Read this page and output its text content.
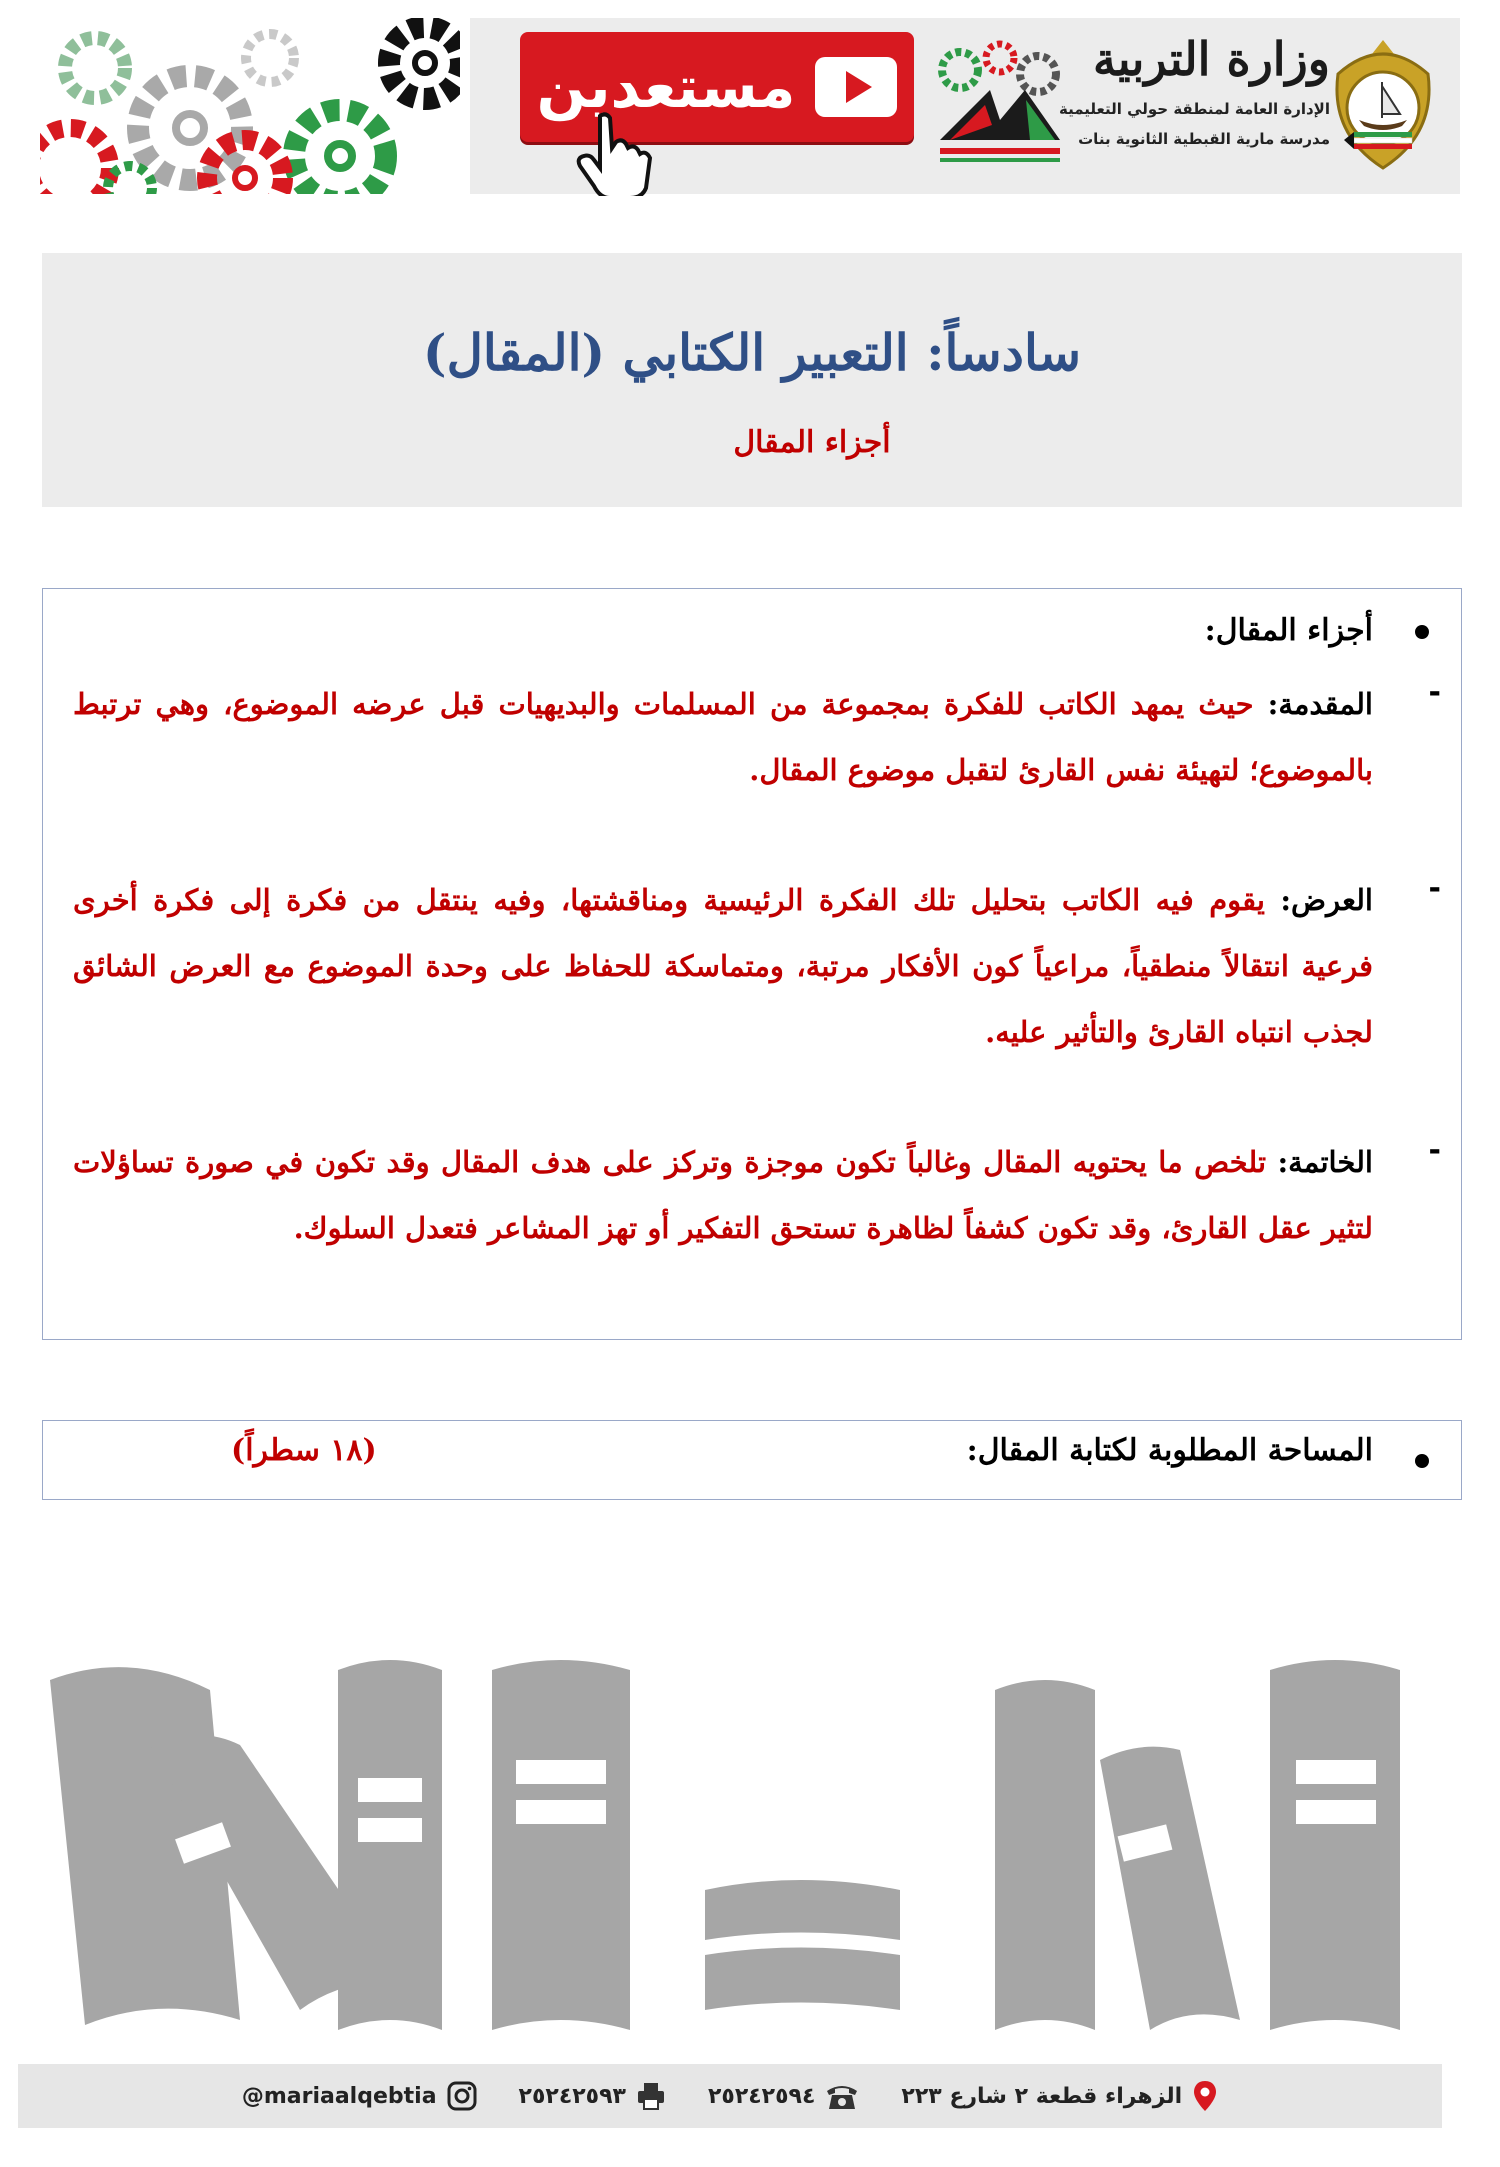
مستعدين	وزارة التربية
الإدارة العامة لمنطقة حولي التعليمية
مدرسة مارية القبطية الثانوية بنات
سادساً: التعبير الكتابي (المقال)
أجزاء المقال
أجزاء المقال:
-
المقدمة: حيث يمهد الكاتب للفكرة بمجموعة من المسلمات والبديهيات قبل عرضه الموضوع، وهي ترتبط بالموضوع؛ لتهيئة نفس القارئ لتقبل موضوع المقال.
-
العرض: يقوم فيه الكاتب بتحليل تلك الفكرة الرئيسية ومناقشتها، وفيه ينتقل من فكرة إلى فكرة أخرى فرعية انتقالاً منطقياً، مراعياً كون الأفكار مرتبة، ومتماسكة للحفاظ على وحدة الموضوع مع العرض الشائق لجذب انتباه القارئ والتأثير عليه.
-
الخاتمة: تلخص ما يحتويه المقال وغالباً تكون موجزة وتركز على هدف المقال وقد تكون في صورة تساؤلات لتثير عقل القارئ، وقد تكون كشفاً لظاهرة تستحق التفكير أو تهز المشاعر فتعدل السلوك.
المساحة المطلوبة لكتابة المقال:
(١٨ سطراً)
الزهراء قطعة ٢ شارع ٢٢٣
٢٥٢٤٢٥٩٤
٢٥٢٤٢٥٩٣
@mariaalqebtia
